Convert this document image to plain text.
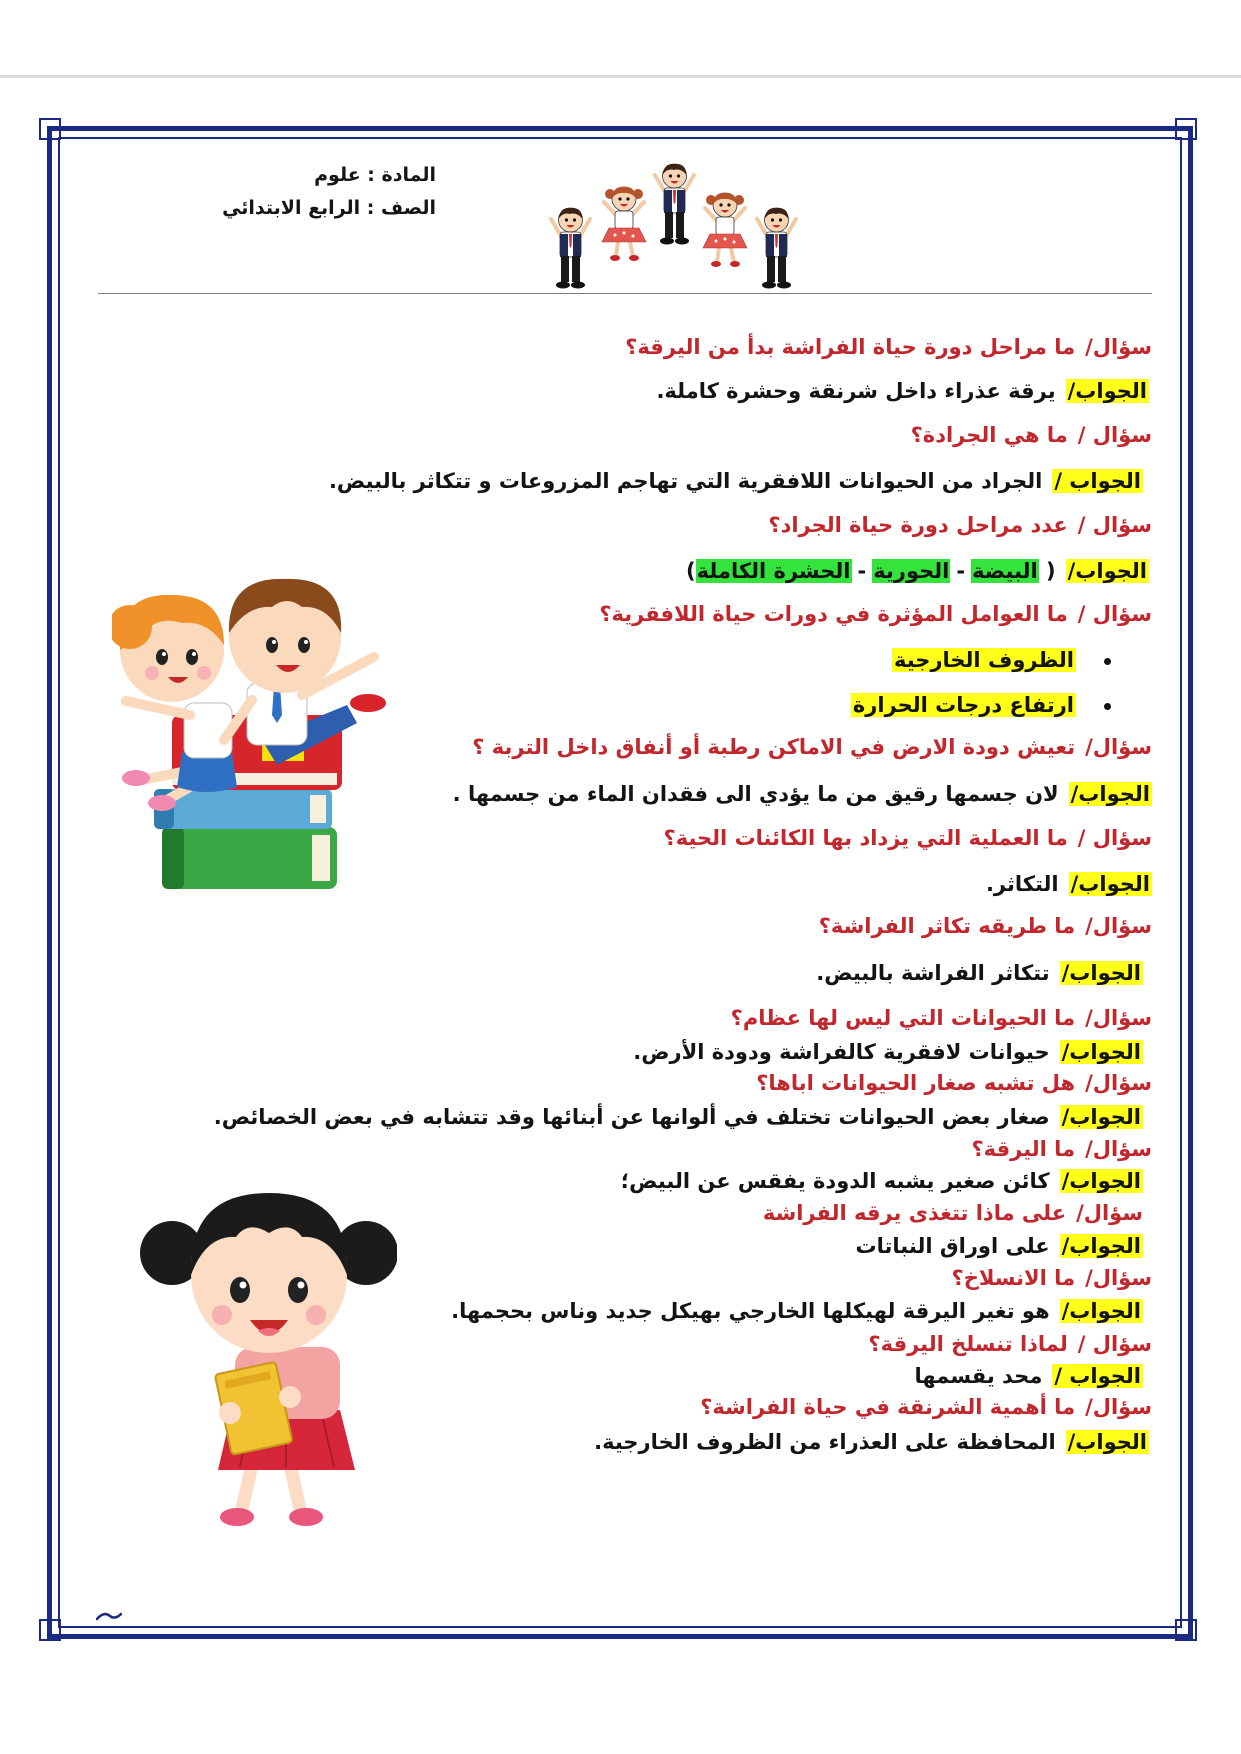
المادة : علوم
الصف : الرابع الابتدائي
سؤال/ما مراحل دورة حياة الفراشة بدأ من اليرقة؟
الجواب/يرقة عذراء داخل شرنقة وحشرة كاملة.
سؤال /ما هي الجرادة؟
الجواب /الجراد من الحيوانات اللافقرية التي تهاجم المزروعات و تتكاثر بالبيض.
سؤال /عدد مراحل دورة حياة الجراد؟
الجواب/( البيضة-الحورية-الحشرة الكاملة)
سؤال /ما العوامل المؤثرة في دورات حياة اللافقرية؟
الظروف الخارجية
ارتفاع درجات الحرارة
سؤال/تعيش دودة الارض في الاماكن رطبة أو أنفاق داخل التربة ؟
الجواب/لان جسمها رقيق من ما يؤدي الى فقدان الماء من جسمها .
سؤال /ما العملية التي يزداد بها الكائنات الحية؟
الجواب/التكاثر.
سؤال/ما طريقه تكاثر الفراشة؟
الجواب/تتكاثر الفراشة بالبيض.
سؤال/ما الحيوانات التي ليس لها عظام؟
الجواب/حيوانات لافقرية كالفراشة ودودة الأرض.
سؤال/هل تشبه صغار الحيوانات اباها؟
الجواب/صغار بعض الحيوانات تختلف في ألوانها عن أبنائها وقد تتشابه في بعض الخصائص.
سؤال/ما اليرقة؟
الجواب/كائن صغير يشبه الدودة يفقس عن البيض؛
سؤال/على ماذا تتغذى يرقه الفراشة
الجواب/على اوراق النباتات
سؤال/ما الانسلاخ؟
الجواب/هو تغير اليرقة لهيكلها الخارجي بهيكل جديد وناس بحجمها.
سؤال /لماذا تنسلخ اليرقة؟
الجواب /محد يقسمها
سؤال/ما أهمية الشرنقة في حياة الفراشة؟
الجواب/المحافظة على العذراء من الظروف الخارجية.
